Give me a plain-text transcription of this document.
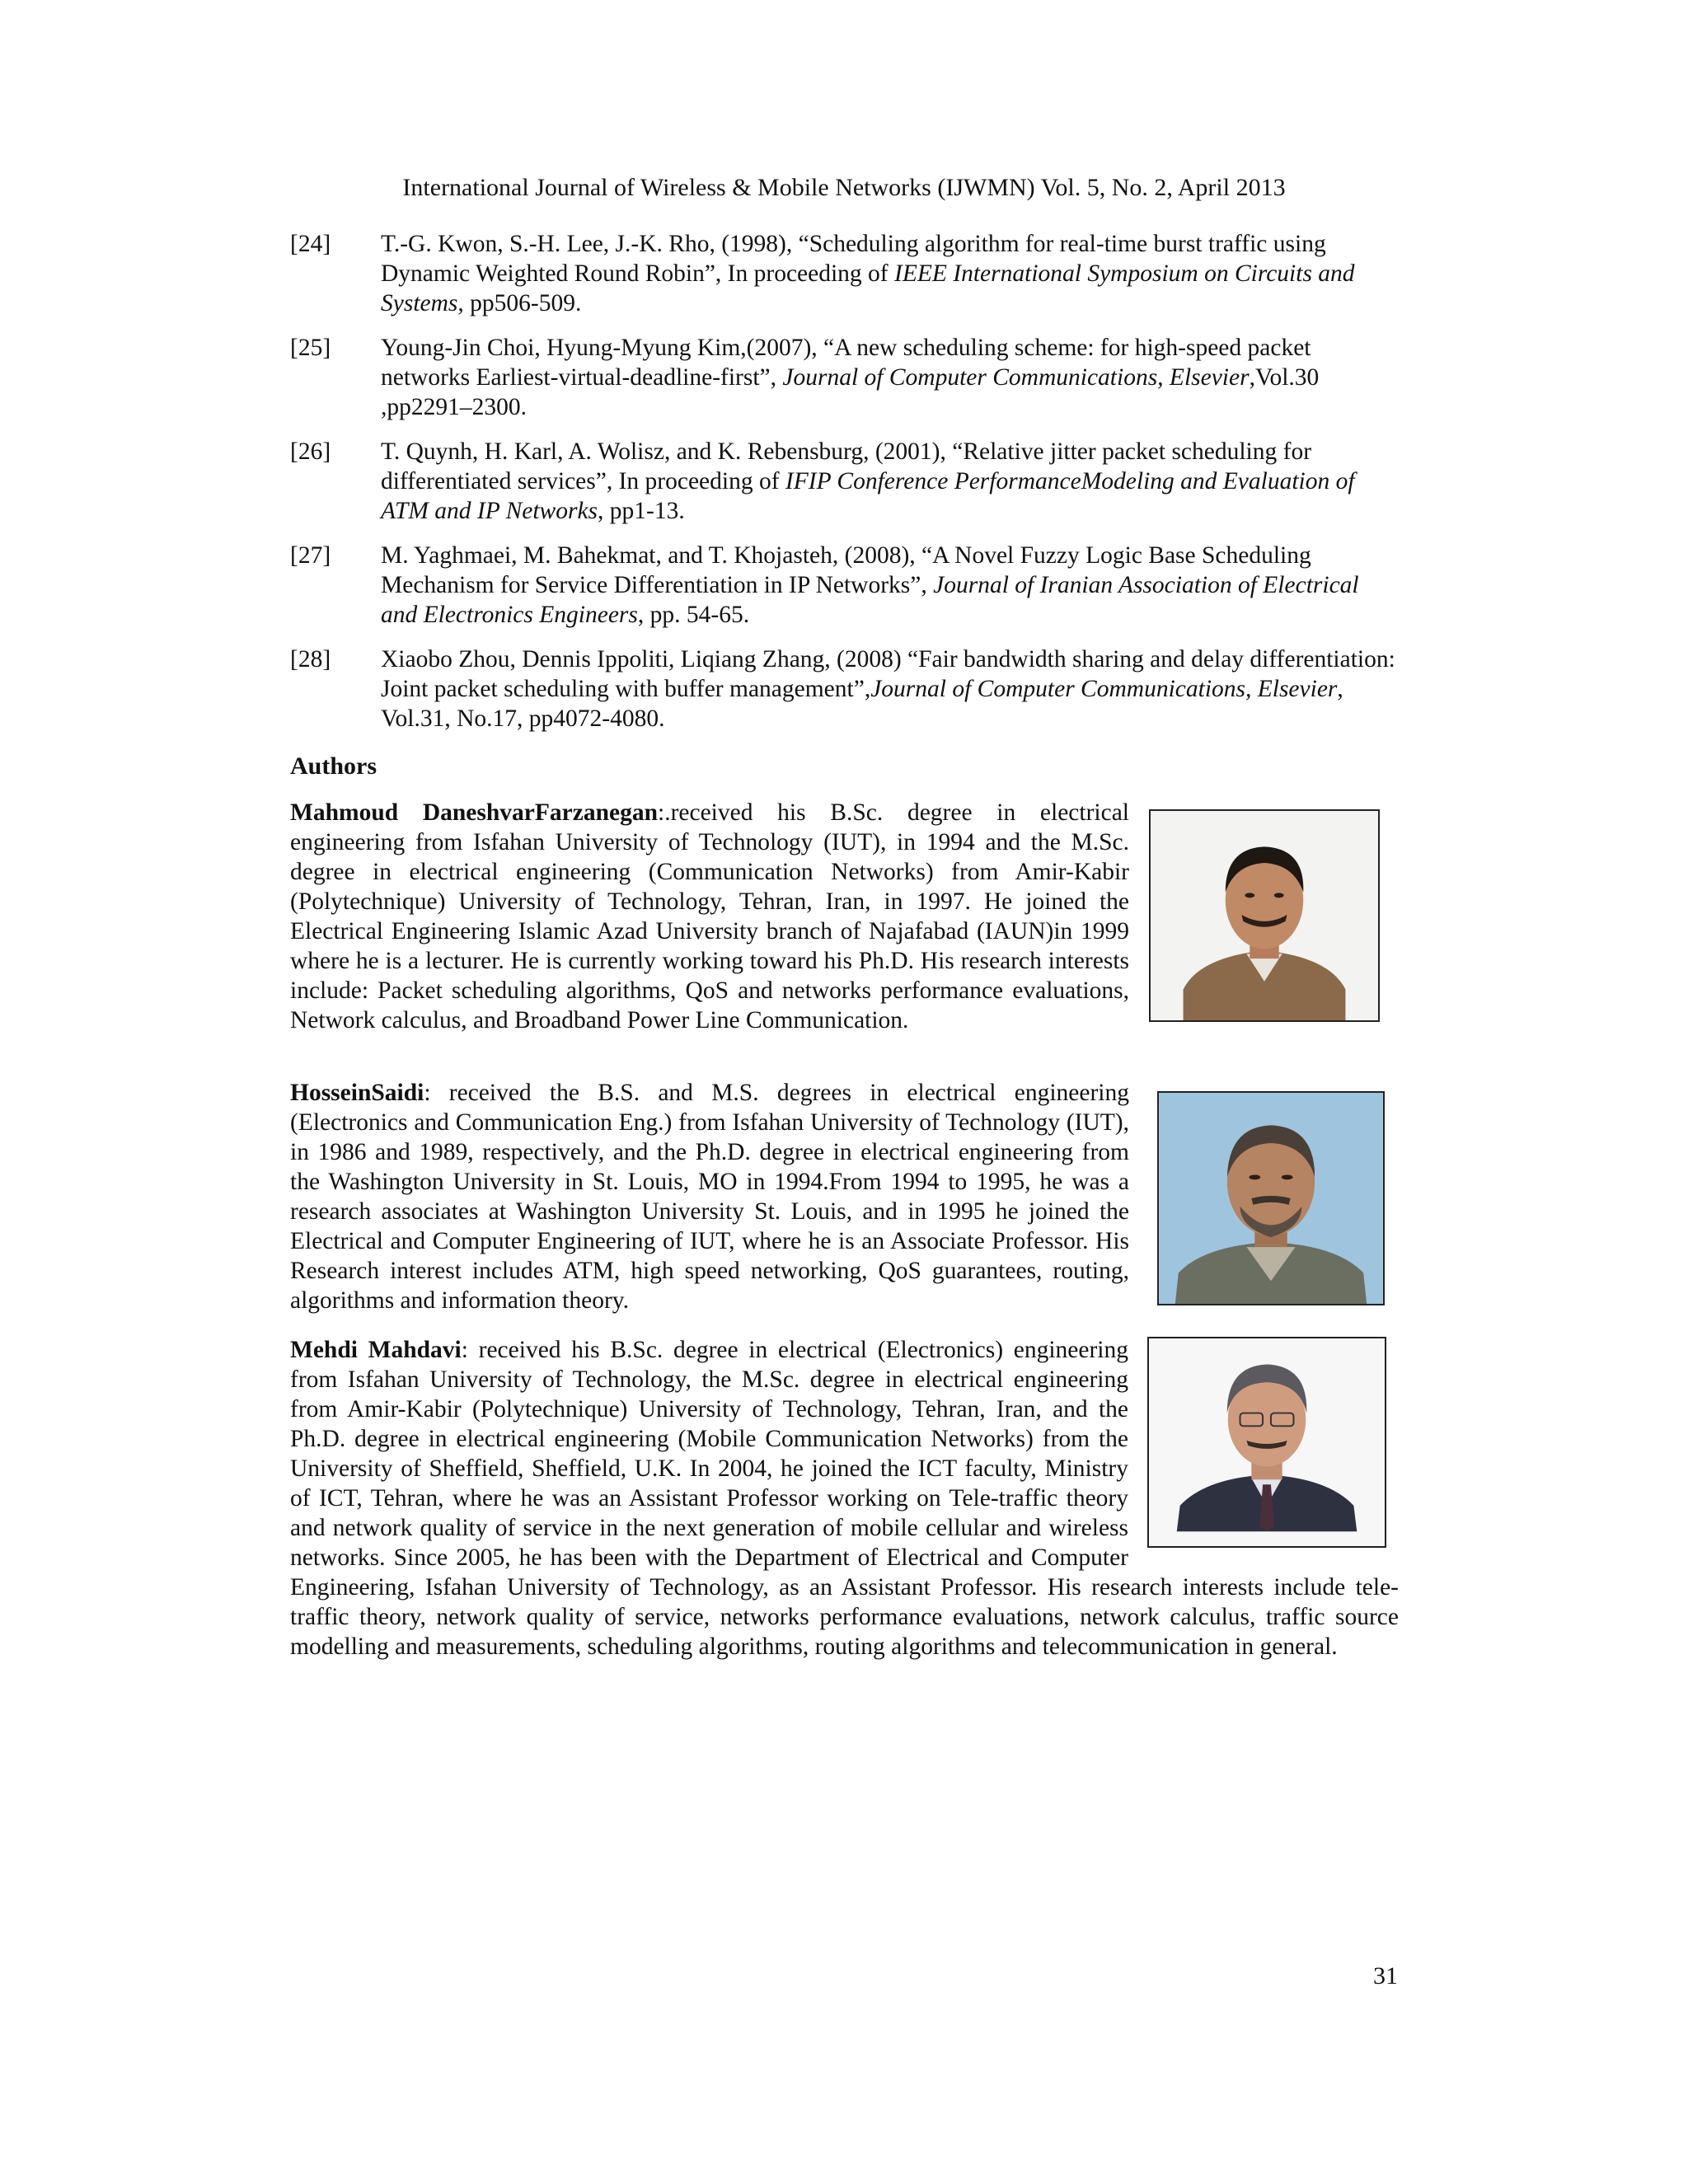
International Journal of Wireless & Mobile Networks (IJWMN) Vol. 5, No. 2, April 2013
[24]	T.-G. Kwon, S.-H. Lee, J.-K. Rho, (1998), “Scheduling algorithm for real-time burst traffic using Dynamic Weighted Round Robin”, In proceeding of IEEE International Symposium on Circuits and Systems, pp506-509.
[25]	Young-Jin Choi, Hyung-Myung Kim,(2007), “A new scheduling scheme: for high-speed packet networks Earliest-virtual-deadline-first”, Journal of Computer Communications, Elsevier,Vol.30 ,pp2291–2300.
[26]	T. Quynh, H. Karl, A. Wolisz, and K. Rebensburg, (2001), “Relative jitter packet scheduling for differentiated services”, In proceeding of IFIP Conference PerformanceModeling and Evaluation of ATM and IP Networks, pp1-13.
[27]	M. Yaghmaei, M. Bahekmat, and T. Khojasteh, (2008), “A Novel Fuzzy Logic Base Scheduling Mechanism for Service Differentiation in IP Networks”, Journal of Iranian Association of Electrical and Electronics Engineers, pp. 54-65.
[28]	Xiaobo Zhou, Dennis Ippoliti, Liqiang Zhang, (2008) “Fair bandwidth sharing and delay differentiation: Joint packet scheduling with buffer management”,Journal of Computer Communications, Elsevier, Vol.31, No.17, pp4072-4080.
Authors
Mahmoud DaneshvarFarzanegan:.received his B.Sc. degree in electrical engineering from Isfahan University of Technology (IUT), in 1994 and the M.Sc. degree in electrical engineering (Communication Networks) from Amir-Kabir (Polytechnique) University of Technology, Tehran, Iran, in 1997. He joined the Electrical Engineering Islamic Azad University branch of Najafabad (IAUN)in 1999 where he is a lecturer. He is currently working toward his Ph.D. His research interests include: Packet scheduling algorithms, QoS and networks performance evaluations, Network calculus, and Broadband Power Line Communication.
HosseinSaidi: received the B.S. and M.S. degrees in electrical engineering (Electronics and Communication Eng.) from Isfahan University of Technology (IUT), in 1986 and 1989, respectively, and the Ph.D. degree in electrical engineering from the Washington University in St. Louis, MO in 1994.From 1994 to 1995, he was a research associates at Washington University St. Louis, and in 1995 he joined the Electrical and Computer Engineering of IUT, where he is an Associate Professor. His Research interest includes ATM, high speed networking, QoS guarantees, routing, algorithms and information theory.
Mehdi Mahdavi: received his B.Sc. degree in electrical (Electronics) engineering from Isfahan University of Technology, the M.Sc. degree in electrical engineering from Amir-Kabir (Polytechnique) University of Technology, Tehran, Iran, and the Ph.D. degree in electrical engineering (Mobile Communication Networks) from the University of Sheffield, Sheffield, U.K. In 2004, he joined the ICT faculty, Ministry of ICT, Tehran, where he was an Assistant Professor working on Tele-traffic theory and network quality of service in the next generation of mobile cellular and wireless networks. Since 2005, he has been with the Department of Electrical and Computer Engineering, Isfahan University of Technology, as an Assistant Professor. His research interests include tele-traffic theory, network quality of service, networks performance evaluations, network calculus, traffic source modelling and measurements, scheduling algorithms, routing algorithms and telecommunication in general.
31
